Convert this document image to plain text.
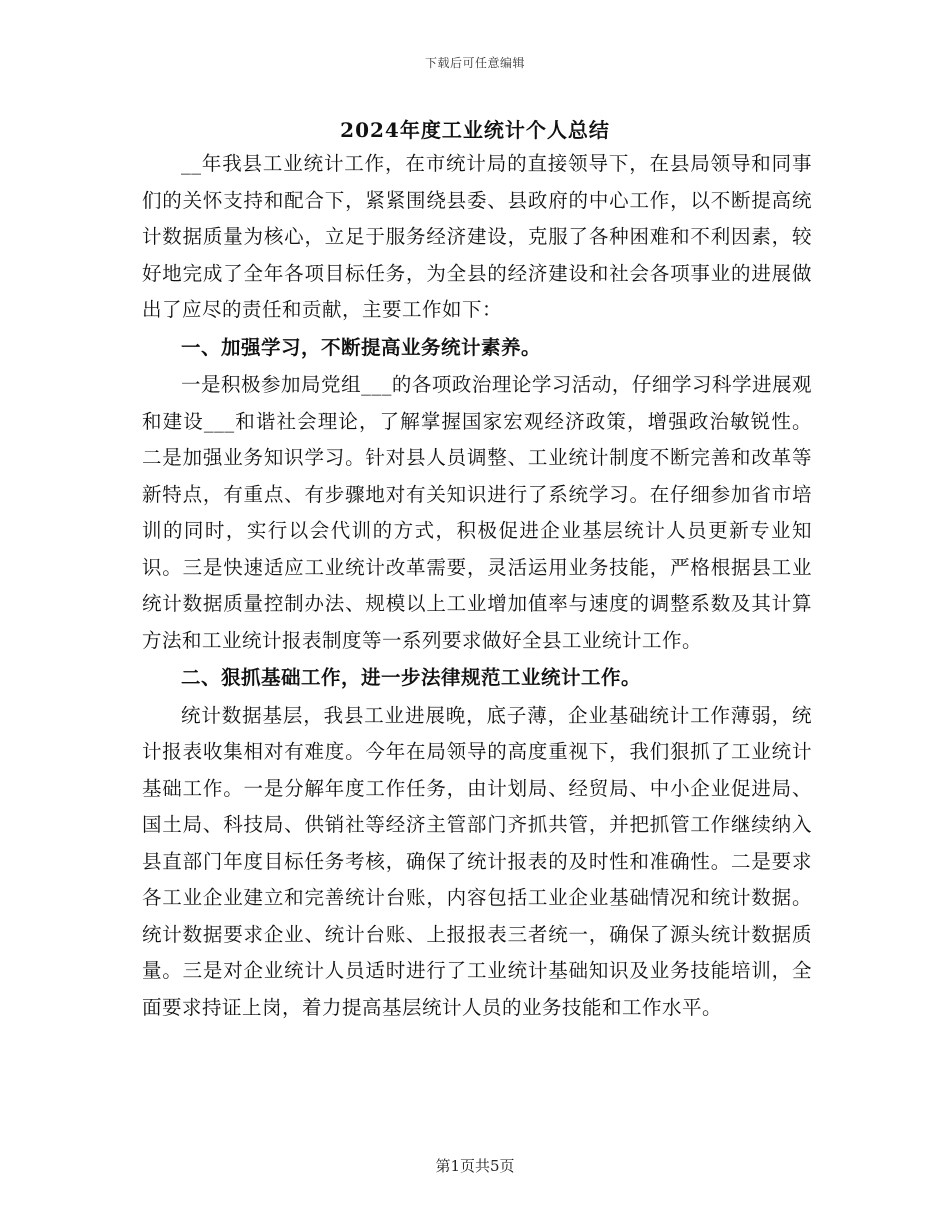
下载后可任意编辑
2024年度工业统计个人总结

__年我县工业统计工作，在市统计局的直接领导下，在县局领导和同事们的关怀支持和配合下，紧紧围绕县委、县政府的中心工作，以不断提高统计数据质量为核心，立足于服务经济建设，克服了各种困难和不利因素，较好地完成了全年各项目标任务，为全县的经济建设和社会各项事业的进展做出了应尽的责任和贡献，主要工作如下：

一、加强学习，不断提高业务统计素养。

一是积极参加局党组___的各项政治理论学习活动，仔细学习科学进展观和建设___和谐社会理论，了解掌握国家宏观经济政策，增强政治敏锐性。二是加强业务知识学习。针对县人员调整、工业统计制度不断完善和改革等新特点，有重点、有步骤地对有关知识进行了系统学习。在仔细参加省市培训的同时，实行以会代训的方式，积极促进企业基层统计人员更新专业知识。三是快速适应工业统计改革需要，灵活运用业务技能，严格根据县工业统计数据质量控制办法、规模以上工业增加值率与速度的调整系数及其计算方法和工业统计报表制度等一系列要求做好全县工业统计工作。

二、狠抓基础工作，进一步法律规范工业统计工作。

统计数据基层，我县工业进展晚，底子薄，企业基础统计工作薄弱，统计报表收集相对有难度。今年在局领导的高度重视下，我们狠抓了工业统计基础工作。一是分解年度工作任务，由计划局、经贸局、中小企业促进局、国土局、科技局、供销社等经济主管部门齐抓共管，并把抓管工作继续纳入县直部门年度目标任务考核，确保了统计报表的及时性和准确性。二是要求各工业企业建立和完善统计台账，内容包括工业企业基础情况和统计数据。统计数据要求企业、统计台账、上报报表三者统一，确保了源头统计数据质量。三是对企业统计人员适时进行了工业统计基础知识及业务技能培训，全面要求持证上岗，着力提高基层统计人员的业务技能和工作水平。

第1页共5页
